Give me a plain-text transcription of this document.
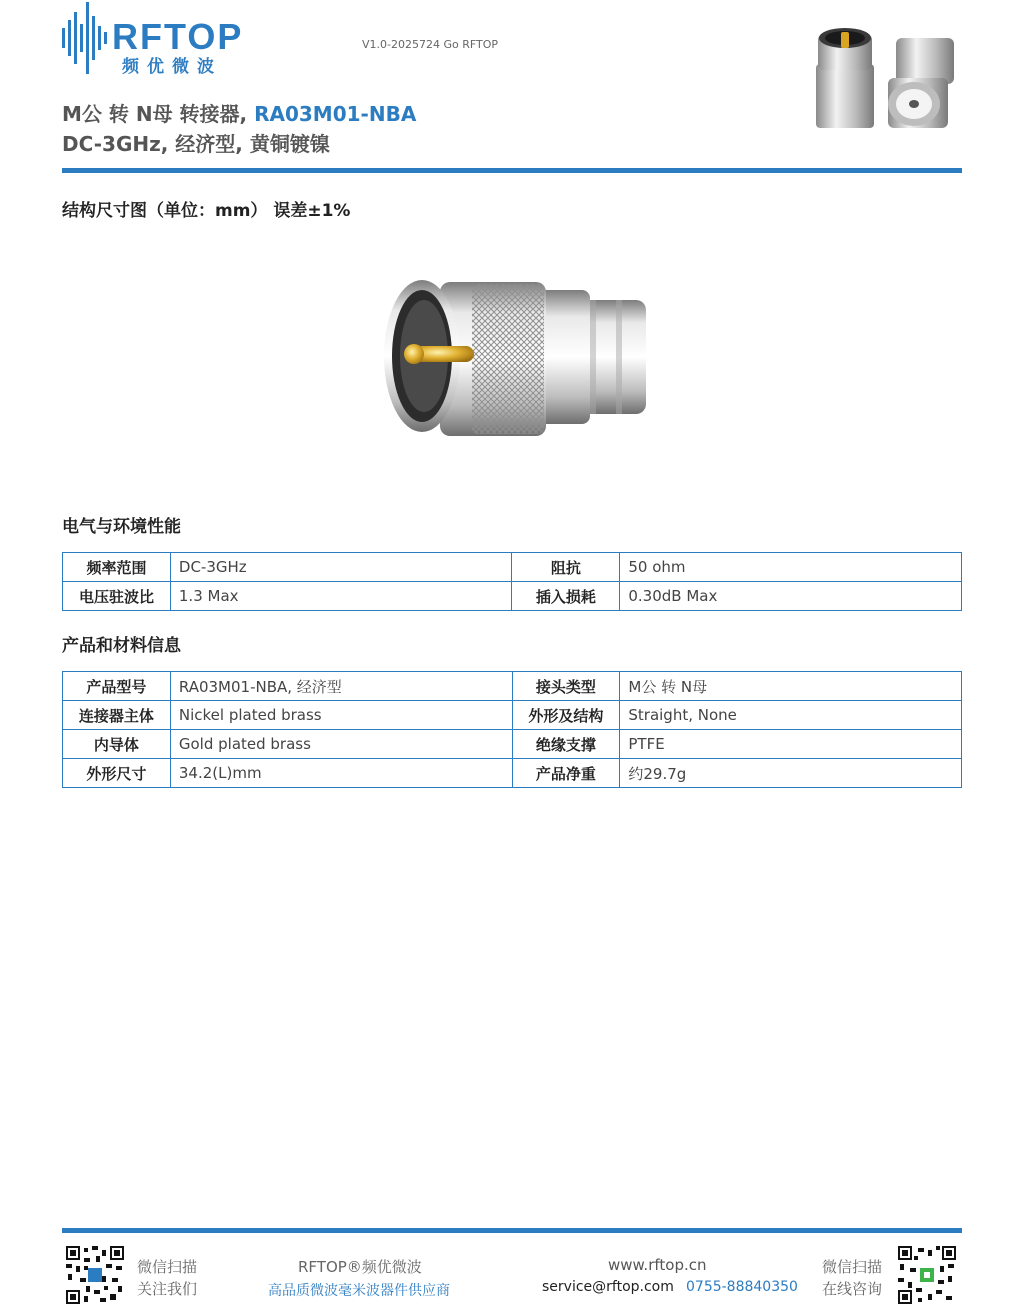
RFTOP
频优微波
V1.0-2025724 Go RFTOP
M公 转 N母 转接器, RA03M01-NBA
DC-3GHz, 经济型, 黄铜镀镍
结构尺寸图（单位：mm） 误差±1%
电气与环境性能
频率范围	DC-3GHz	阻抗	50 ohm
电压驻波比	1.3 Max	插入损耗	0.30dB Max
产品和材料信息
产品型号	RA03M01-NBA, 经济型	接头类型	M公 转 N母
连接器主体	Nickel plated brass	外形及结构	Straight, None
内导体	Gold plated brass	绝缘支撑	PTFE
外形尺寸	34.2(L)mm	产品净重	约29.7g
微信扫描
关注我们
RFTOP®频优微波
高品质微波毫米波器件供应商
www.rftop.cn
service@rftop.com 0755-88840350
微信扫描
在线咨询
